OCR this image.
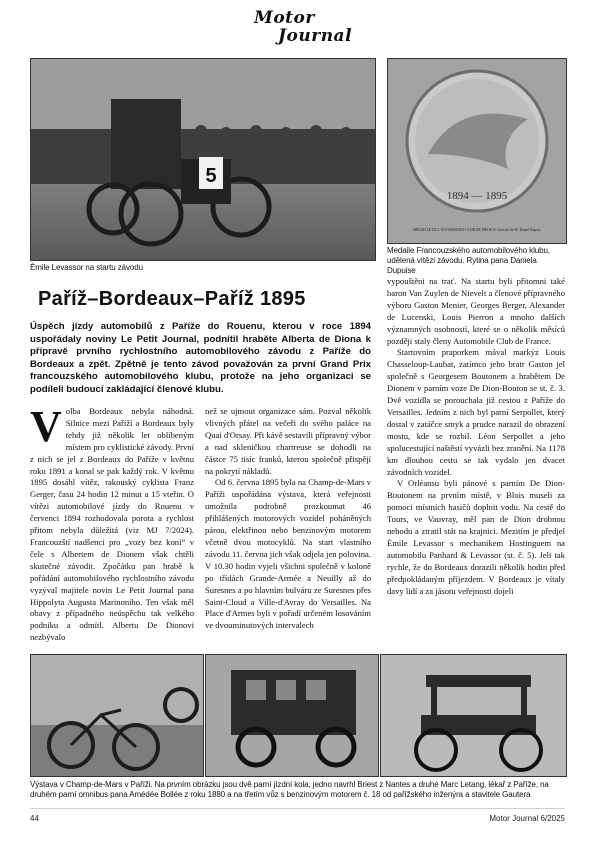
Motor
Journal
5
Émile Levassor na startu závodu
1894 — 1895
MÉDAILLE DE L'AUTOMOBILE-CLUB DE FRANCE. Gravure de M. Daniel Dupuis.
Medaile Francouzského automobilového klubu, udělená vítězi závodu. Rytina pana Daniela Dupuise
Paříž–Bordeaux–Paříž 1895
Úspěch jízdy automobilů z Paříže do Rouenu, kterou v roce 1894 uspořádaly noviny Le Petit Journal, podnítil hraběte Alberta de Diona k přípravě prvního rychlostního automobilového závodu z Paříže do Bordeaux a zpět. Zpětně je tento závod považován za první Grand Prix francouzského automobilového klubu, protože na jeho organizaci se podíleli budoucí zakládající členové klubu.
V olba Bordeaux nebyla náhodná. Silnice mezi Paříží a Bordeaux byly tehdy již několik let oblíbeným místem pro cyklistické závody. První z nich se jel z Bordeaux do Paříže v květnu roku 1891 a konal se pak každý rok. V květnu 1895 dosáhl vítěz, rakouský cyklista Franz Gerger, času 24 hodin 12 minut a 15 vteřin. O vítězi automobilové jízdy do Rouenu v červenci 1894 rozhodovala porota a rychlost přitom nebyla důležitá (viz MJ 7/2024). Francouzští nadšenci pro „vozy bez koní“ v čele s Albertem de Dionem však chtěli skutečné závodit. Zpočátku pan hrabě k pořádání automobilového rychlostního závodu vyzýval majitele novin Le Petit Journal pana Hippolyta Augusta Marinoniho. Ten však měl obavy z případného neúspěchu tak velkého podniku a odmítl. Albertu De Dionovi nezbývalo

než se ujmout organizace sám. Pozval několik vlivných přátel na večeři do svého paláce na Quai d'Orsay. Při kávě sestavili přípravný výbor a nad skleničkou chartreuse se dohodli na částce 75 tisíc franků, kterou společně přispějí na pokrytí nákladů.

Od 6. června 1895 byla na Champ-de-Mars v Paříži uspořádána výstava, která veřejnosti umožnila podrobně prozkoumat 46 přihlášených motorových vozidel poháněných párou, elektřinou nebo benzinovým motorem včetně dvou motocyklů. Na start vlastního závodu 11. června jich však odjela jen polovina. V 10.30 hodin vyjeli všichni společně v koloně po třídách Grande-Armée a Neuilly až do Suresnes a po hlavním bulváru ze Suresnes přes Saint-Cloud a Ville-d'Avray do Versailles. Na Place d'Armes byli v pořadí určeném losováním ve dvouminutových intervalech

vypouštěni na trať. Na startu byli přítomni také baron Van Zuylen de Nievelt a členové přípravného výboru Gaston Menier, Georges Berger, Alexander de Lucenski, Louis Pierron a mnoho dalších významných osobností, které se o několik měsíců později staly členy Automobile Club de France.

Startovním praporkem mával markýz Louis Chasseloup-Laubat, zatímco jeho bratr Gaston jel společně s Georgesem Boutonem a hrabětem De Dionem v parním voze De Dion-Bouton se st. č. 3. Dvě vozidla se porouchala již cestou z Paříže do Versailles. Jedním z nich byl parní Serpollet, který dostal v zatáčce smyk a prudce narazil do obrazení mostu, kde se rozbil. Léon Serpollet a jeho spolucestující naštěstí vyvázli bez zranění. Na 1178 km dlouhou cestu se tak vydalo jen dvacet závodních vozidel.

V Orléansu byli pánové s parním De Dion-Boutonem na prvním místě, v Blois museli za pomoci místních hasičů doplnit vodu. Na cestě do Tours, ve Vauvray, měl pan de Dion drobnou nehodu a ztratil stát na krajnici. Mezitím je předjel Émile Levassor s mechanikem Hostinguem na automobilu Panhard & Levassor (st. č. 5). Jeli tak rychle, že do Bordeaux dorazili několik hodin před předpokládaným příjezdem. V Bordeaux je vítaly davy lidí a za jásotu veřejnosti dojeli

Výstava v Champ-de-Mars v Paříži. Na prvním obrázku jsou dvě parní jízdní kola, jedno navrhl Briest z Nantes a druhé Marc Letang, lékař z Paříže, na druhém parní omnibus pana Amédée Bollée z roku 1880 a na třetím vůz s benzinovým motorem č. 18 od pařížského inženýra a stavitele Gautera
44	Motor Journal 6/2025
